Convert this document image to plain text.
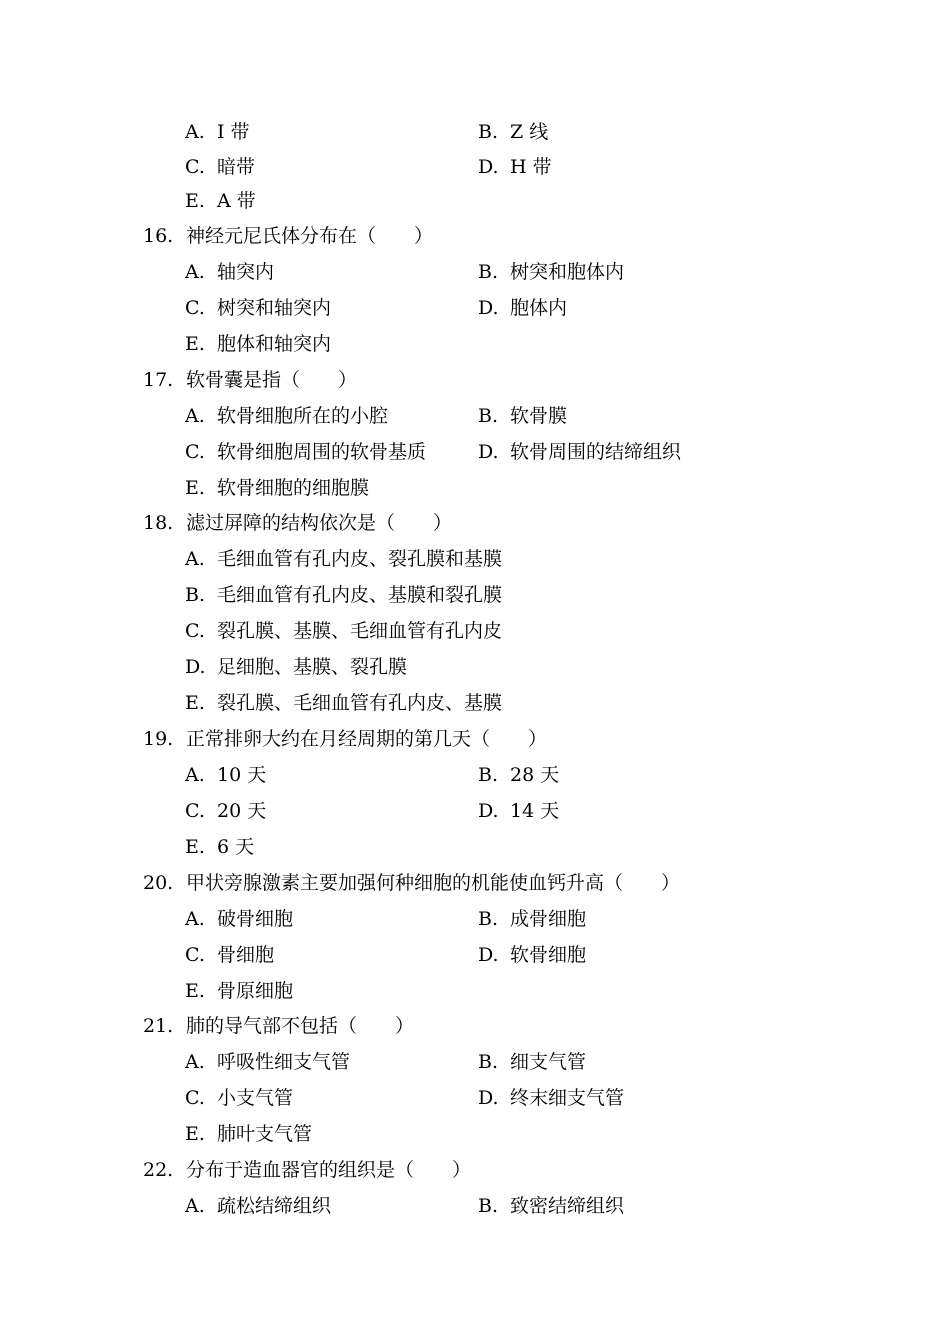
A. I 带	B. Z 线
C. 暗带	D. H 带
E. A 带
16. 神经元尼氏体分布在（　　）
A. 轴突内	B. 树突和胞体内
C. 树突和轴突内	D. 胞体内
E. 胞体和轴突内
17. 软骨囊是指（　　）
A. 软骨细胞所在的小腔	B. 软骨膜
C. 软骨细胞周围的软骨基质	D. 软骨周围的结缔组织
E. 软骨细胞的细胞膜
18. 滤过屏障的结构依次是（　　）
A. 毛细血管有孔内皮、裂孔膜和基膜
B. 毛细血管有孔内皮、基膜和裂孔膜
C. 裂孔膜、基膜、毛细血管有孔内皮
D. 足细胞、基膜、裂孔膜
E. 裂孔膜、毛细血管有孔内皮、基膜
19. 正常排卵大约在月经周期的第几天（　　）
A. 10 天	B. 28 天
C. 20 天	D. 14 天
E. 6 天
20. 甲状旁腺激素主要加强何种细胞的机能使血钙升高（　　）
A. 破骨细胞	B. 成骨细胞
C. 骨细胞	D. 软骨细胞
E. 骨原细胞
21. 肺的导气部不包括（　　）
A. 呼吸性细支气管	B. 细支气管
C. 小支气管	D. 终末细支气管
E. 肺叶支气管
22. 分布于造血器官的组织是（　　）
A. 疏松结缔组织	B. 致密结缔组织
